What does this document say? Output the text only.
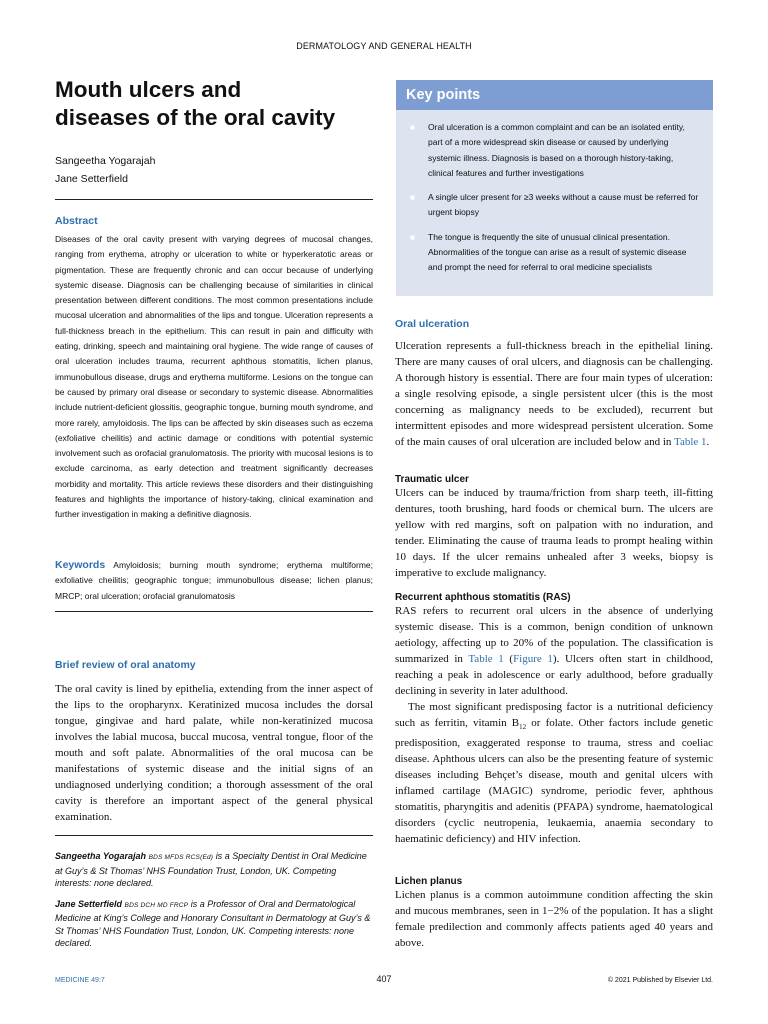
DERMATOLOGY AND GENERAL HEALTH
Mouth ulcers and
diseases of the oral cavity
Sangeetha Yogarajah
Jane Setterfield
Abstract
Diseases of the oral cavity present with varying degrees of mucosal changes, ranging from erythema, atrophy or ulceration to white or hyperkeratotic areas or pigmentation. These are frequently chronic and can occur because of underlying systemic disease. Diagnosis can be challenging because of similarities in clinical presentation between different conditions. The most common presentations include mucosal ulceration and abnormalities of the lips and tongue. Ulceration represents a full-thickness breach in the epithelium. This can result in pain and difficulty with eating, drinking, speech and maintaining oral hygiene. The wide range of causes of oral ulceration includes trauma, recurrent aphthous stomatitis, lichen planus, immunobullous disease, drugs and erythema multiforme. Lesions on the tongue can be caused by primary oral disease or secondary to systemic disease. Abnormalities include nutrient-deficient glossitis, geographic tongue, burning mouth syndrome, and more rarely, amyloidosis. The lips can be affected by skin diseases such as eczema (exfoliative cheilitis) and actinic damage or conditions with potential systemic involvement such as orofacial granulomatosis. The priority with mucosal lesions is to exclude carcinoma, as early detection and treatment significantly decreases morbidity and mortality. This article reviews these disorders and their distinguishing features and highlights the importance of history-taking, clinical examination and further investigation in making a definitive diagnosis.
Keywords Amyloidosis; burning mouth syndrome; erythema multiforme; exfoliative cheilitis; geographic tongue; immunobullous disease; lichen planus; MRCP; oral ulceration; orofacial granulomatosis
Brief review of oral anatomy

The oral cavity is lined by epithelia, extending from the inner aspect of the lips to the oropharynx. Keratinized mucosa includes the dorsal tongue, gingivae and hard palate, while non-keratinized mucosa involves the labial mucosa, buccal mucosa, ventral tongue, floor of the mouth and soft palate. Abnormalities of the oral mucosa can be manifestations of systemic disease and the initial signs of an undiagnosed underlying condition; a thorough assessment of the oral cavity is therefore an important aspect of the general physical examination.

Sangeetha Yogarajah BDS MFDS RCS(Ed) is a Specialty Dentist in Oral Medicine at Guy’s & St Thomas’ NHS Foundation Trust, London, UK. Competing interests: none declared.

Jane Setterfield BDS DCH MD FRCP is a Professor of Oral and Dermatological Medicine at King’s College and Honorary Consultant in Dermatology at Guy’s & St Thomas’ NHS Foundation Trust, London, UK. Competing interests: none declared.

Key points
■ Oral ulceration is a common complaint and can be an isolated entity, part of a more widespread skin disease or caused by underlying systemic illness. Diagnosis is based on a thorough history-taking, clinical features and further investigations
■ A single ulcer present for ≥3 weeks without a cause must be referred for urgent biopsy
■ The tongue is frequently the site of unusual clinical presentation. Abnormalities of the tongue can arise as a result of systemic disease and prompt the need for referral to oral medicine specialists
Oral ulceration

Ulceration represents a full-thickness breach in the epithelial lining. There are many causes of oral ulcers, and diagnosis can be challenging. A thorough history is essential. There are four main types of ulceration: a single resolving episode, a single persistent ulcer (this is the most concerning as malignancy needs to be excluded), recurrent but intermittent episodes and more widespread persistent ulceration. Some of the main causes of oral ulceration are included below and in Table 1.

Traumatic ulcer

Ulcers can be induced by trauma/friction from sharp teeth, ill-fitting dentures, tooth brushing, hard foods or chemical burn. The ulcers are yellow with red margins, soft on palpation with no induration, and tender. Eliminating the cause of trauma leads to prompt healing within 10 days. If the ulcer remains unhealed after 3 weeks, biopsy is imperative to exclude malignancy.

Recurrent aphthous stomatitis (RAS)

RAS refers to recurrent oral ulcers in the absence of underlying systemic disease. This is a common, benign condition of unknown aetiology, affecting up to 20% of the population. The classification is summarized in Table 1 (Figure 1). Ulcers often start in childhood, reaching a peak in adolescence or early adulthood, before gradually declining in severity in later adulthood.

The most significant predisposing factor is a nutritional deficiency such as ferritin, vitamin $B_{12}$ or folate. Other factors include genetic predisposition, exaggerated response to trauma, stress and coeliac disease. Aphthous ulcers can also be the presenting feature of systemic diseases including Behçet’s disease, mouth and genital ulcers with inflamed cartilage (MAGIC) syndrome, periodic fever, aphthous stomatitis, pharyngitis and adenitis (PFAPA) syndrome, haematological disorders (cyclic neutropenia, leukaemia, anaemia secondary to haematinic deficiency) and HIV infection.

Lichen planus

Lichen planus is a common autoimmune condition affecting the skin and mucous membranes, seen in 1−2% of the population. It has a slight female predilection and commonly affects patients aged 40 years and above.

MEDICINE 49:7	407	© 2021 Published by Elsevier Ltd.
